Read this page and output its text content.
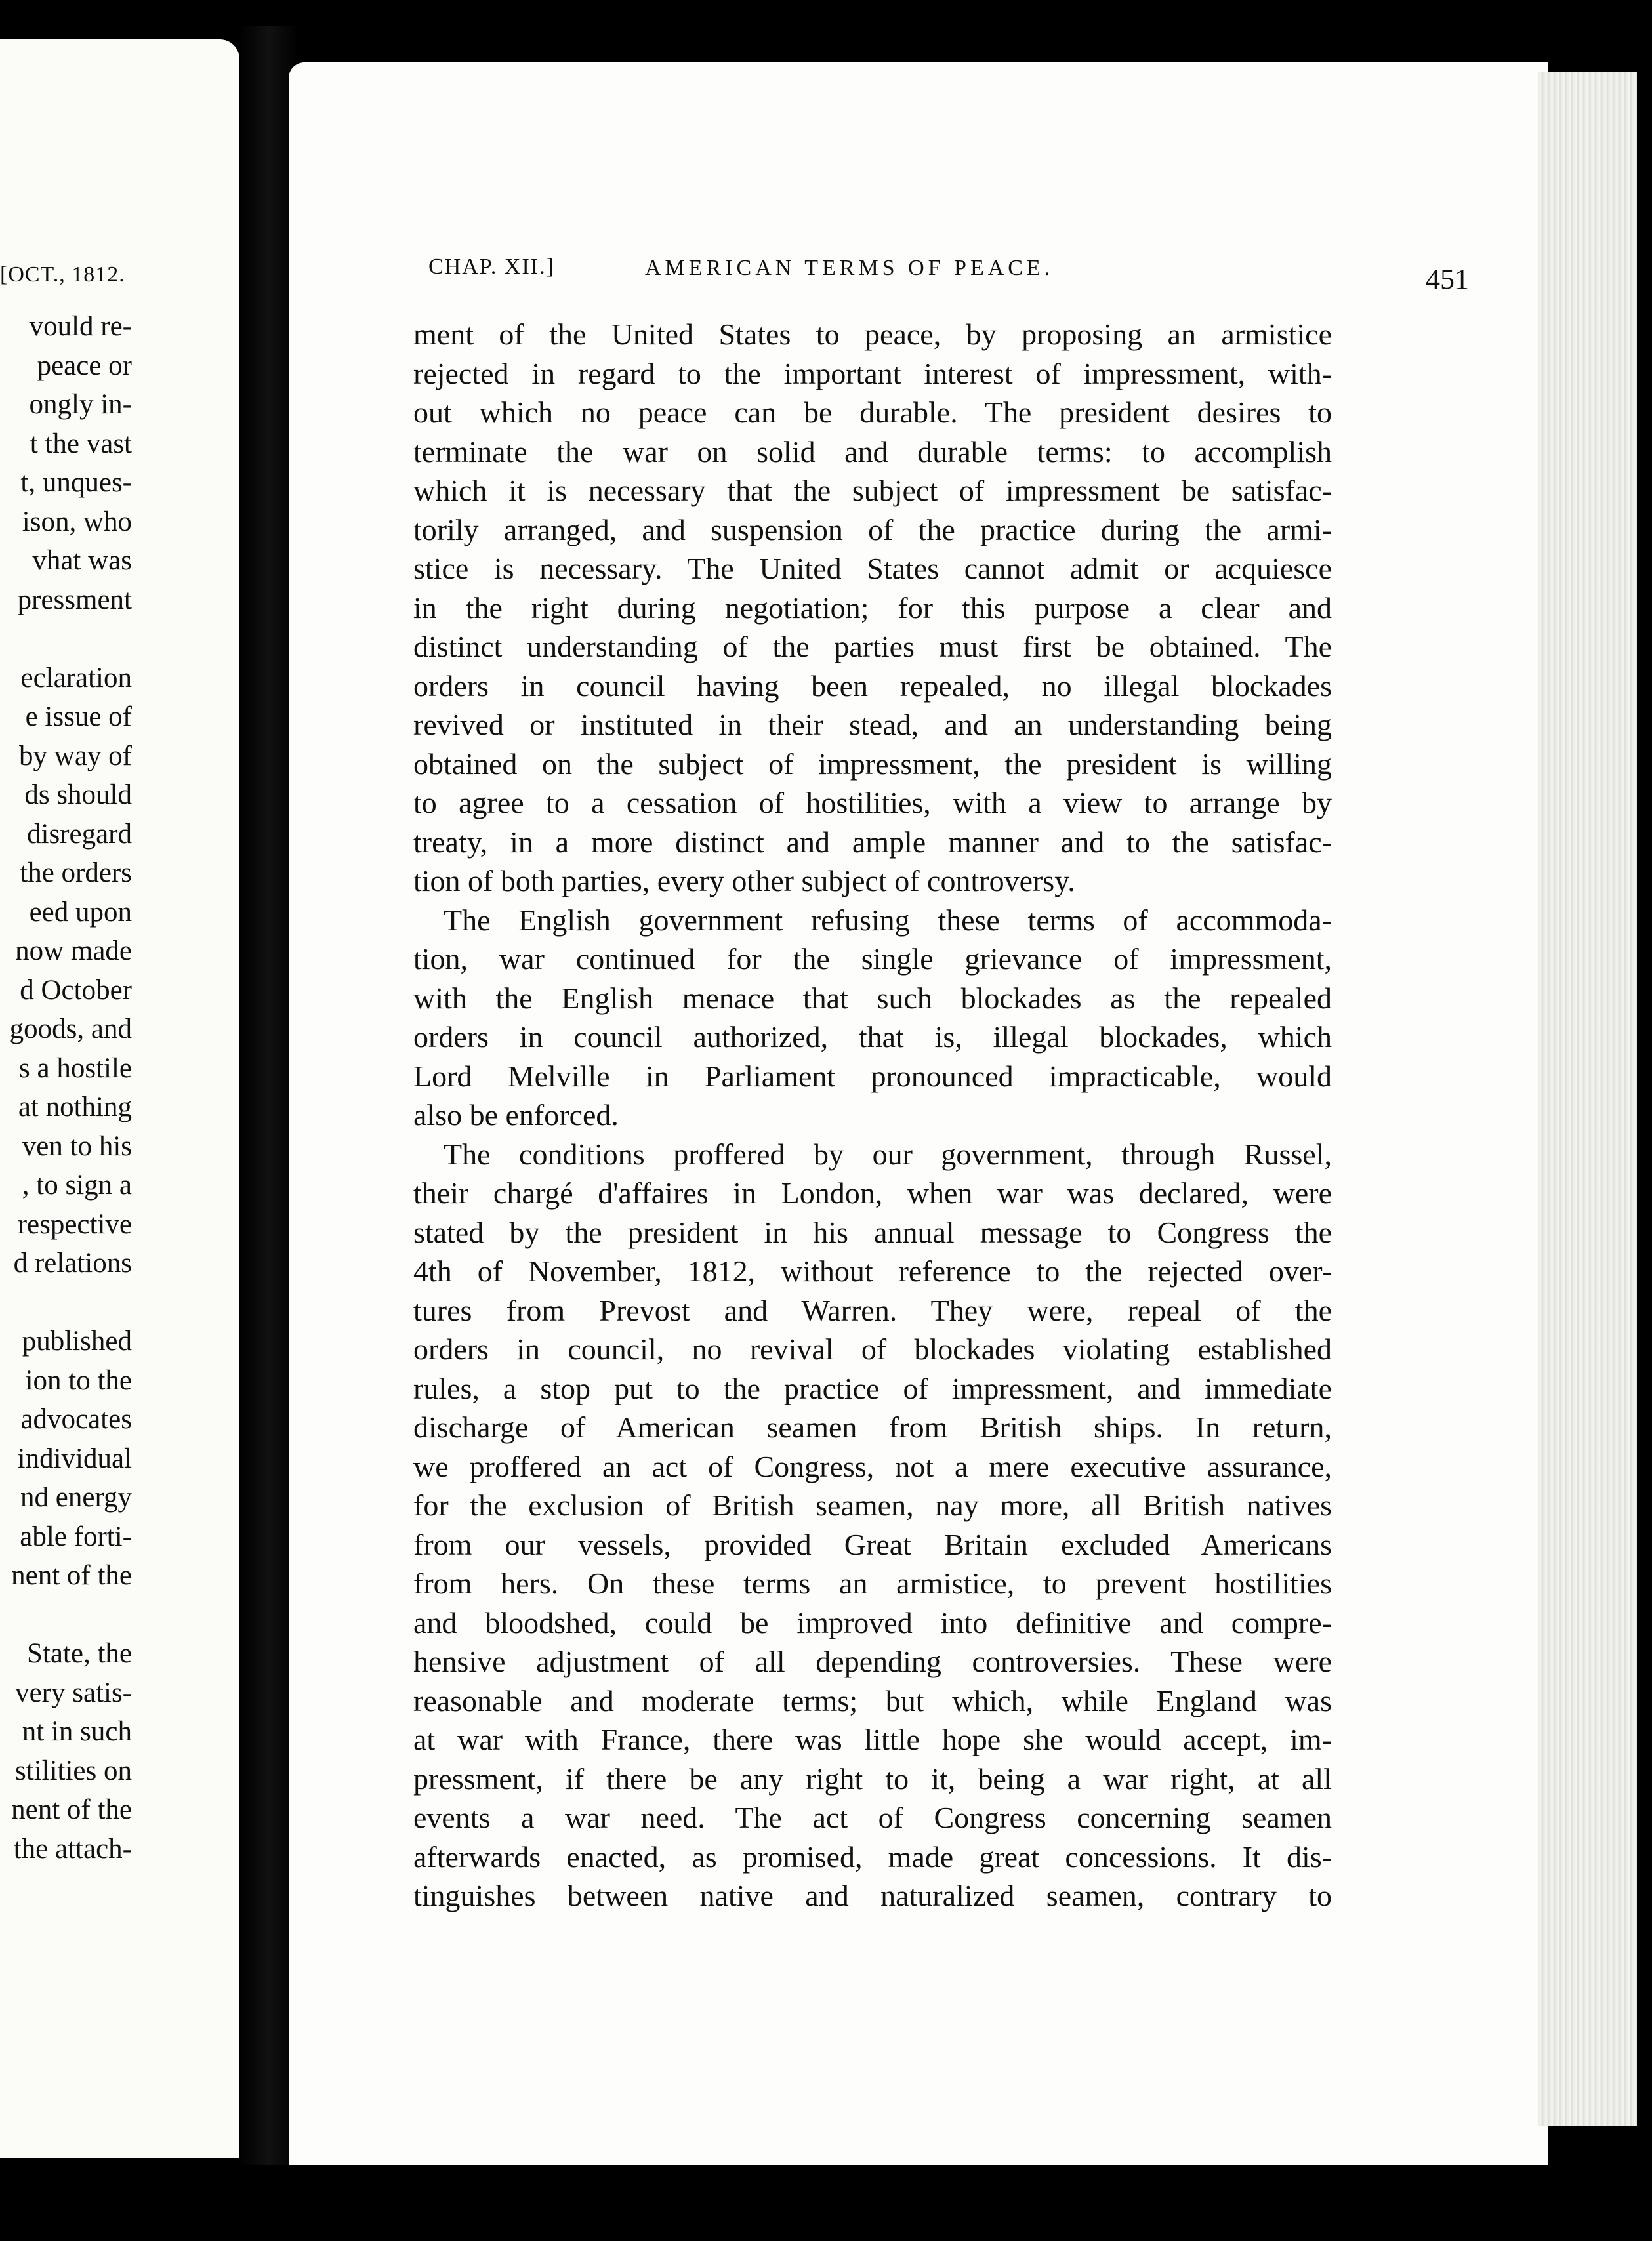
[OCT., 1812.
vould re-
peace or
ongly in-
t the vast
t, unques-
ison, who
vhat was
pressment
eclaration
e issue of
by way of
ds should
disregard
the orders
eed upon
now made
d October
goods, and
s a hostile
at nothing
ven to his
, to sign a
respective
d relations
published
ion to the
advocates
individual
nd energy
able forti-
nent of the
State, the
very satis-
nt in such
stilities on
nent of the
the attach-
CHAP. XII.]	AMERICAN TERMS OF PEACE.	451
ment of the United States to peace, by proposing an armistice
rejected in regard to the important interest of impressment, with-
out which no peace can be durable. The president desires to
terminate the war on solid and durable terms: to accomplish
which it is necessary that the subject of impressment be satisfac-
torily arranged, and suspension of the practice during the armi-
stice is necessary. The United States cannot admit or acquiesce
in the right during negotiation; for this purpose a clear and
distinct understanding of the parties must first be obtained. The
orders in council having been repealed, no illegal blockades
revived or instituted in their stead, and an understanding being
obtained on the subject of impressment, the president is willing
to agree to a cessation of hostilities, with a view to arrange by
treaty, in a more distinct and ample manner and to the satisfac-
tion of both parties, every other subject of controversy.
The English government refusing these terms of accommoda-
tion, war continued for the single grievance of impressment,
with the English menace that such blockades as the repealed
orders in council authorized, that is, illegal blockades, which
Lord Melville in Parliament pronounced impracticable, would
also be enforced.
The conditions proffered by our government, through Russel,
their chargé d'affaires in London, when war was declared, were
stated by the president in his annual message to Congress the
4th of November, 1812, without reference to the rejected over-
tures from Prevost and Warren. They were, repeal of the
orders in council, no revival of blockades violating established
rules, a stop put to the practice of impressment, and immediate
discharge of American seamen from British ships. In return,
we proffered an act of Congress, not a mere executive assurance,
for the exclusion of British seamen, nay more, all British natives
from our vessels, provided Great Britain excluded Americans
from hers. On these terms an armistice, to prevent hostilities
and bloodshed, could be improved into definitive and compre-
hensive adjustment of all depending controversies. These were
reasonable and moderate terms; but which, while England was
at war with France, there was little hope she would accept, im-
pressment, if there be any right to it, being a war right, at all
events a war need. The act of Congress concerning seamen
afterwards enacted, as promised, made great concessions. It dis-
tinguishes between native and naturalized seamen, contrary to
